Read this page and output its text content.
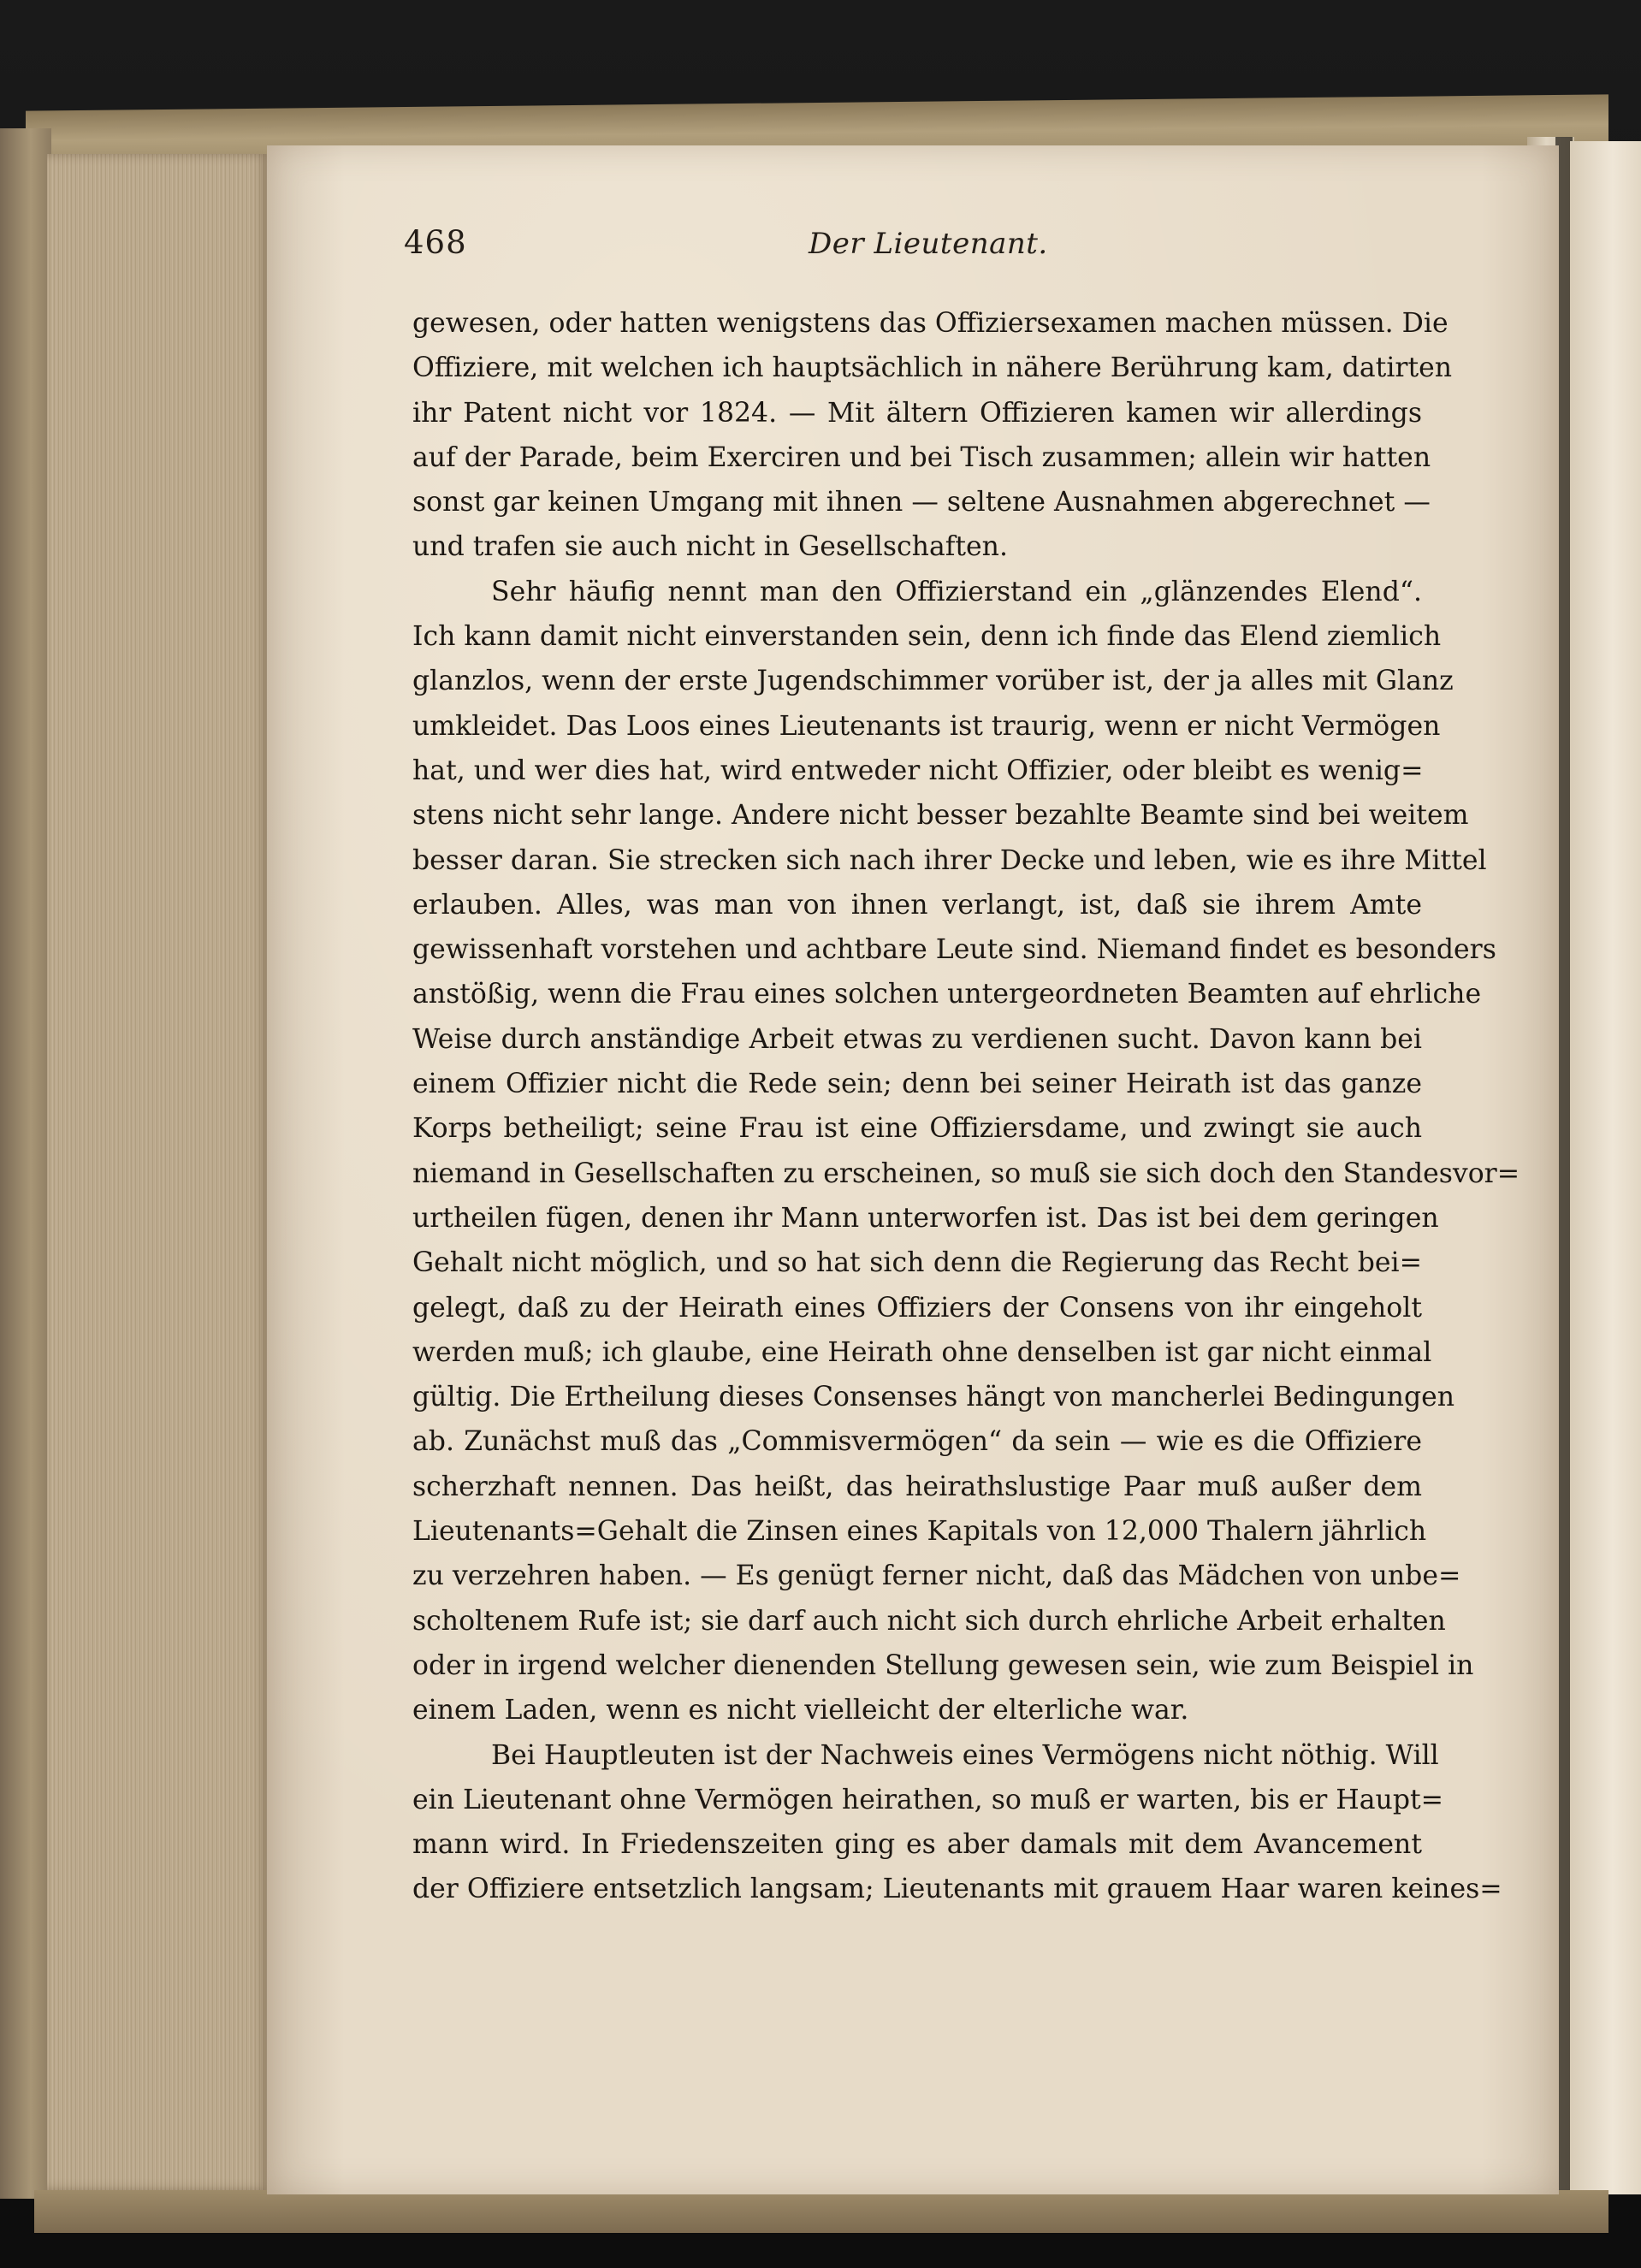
468	Der Lieutenant.
gewesen, oder hatten wenigstens das Offiziersexamen machen müssen. Die
Offiziere, mit welchen ich hauptsächlich in nähere Berührung kam, datirten
ihr Patent nicht vor 1824. — Mit ältern Offizieren kamen wir allerdings
auf der Parade, beim Exerciren und bei Tisch zusammen; allein wir hatten
sonst gar keinen Umgang mit ihnen — seltene Ausnahmen abgerechnet —
und trafen sie auch nicht in Gesellschaften.
Sehr häufig nennt man den Offizierstand ein „glänzendes Elend“.
Ich kann damit nicht einverstanden sein, denn ich finde das Elend ziemlich
glanzlos, wenn der erste Jugendschimmer vorüber ist, der ja alles mit Glanz
umkleidet. Das Loos eines Lieutenants ist traurig, wenn er nicht Vermögen
hat, und wer dies hat, wird entweder nicht Offizier, oder bleibt es wenig=
stens nicht sehr lange. Andere nicht besser bezahlte Beamte sind bei weitem
besser daran. Sie strecken sich nach ihrer Decke und leben, wie es ihre Mittel
erlauben. Alles, was man von ihnen verlangt, ist, daß sie ihrem Amte
gewissenhaft vorstehen und achtbare Leute sind. Niemand findet es besonders
anstößig, wenn die Frau eines solchen untergeordneten Beamten auf ehrliche
Weise durch anständige Arbeit etwas zu verdienen sucht. Davon kann bei
einem Offizier nicht die Rede sein; denn bei seiner Heirath ist das ganze
Korps betheiligt; seine Frau ist eine Offiziersdame, und zwingt sie auch
niemand in Gesellschaften zu erscheinen, so muß sie sich doch den Standesvor=
urtheilen fügen, denen ihr Mann unterworfen ist. Das ist bei dem geringen
Gehalt nicht möglich, und so hat sich denn die Regierung das Recht bei=
gelegt, daß zu der Heirath eines Offiziers der Consens von ihr eingeholt
werden muß; ich glaube, eine Heirath ohne denselben ist gar nicht einmal
gültig. Die Ertheilung dieses Consenses hängt von mancherlei Bedingungen
ab. Zunächst muß das „Commisvermögen“ da sein — wie es die Offiziere
scherzhaft nennen. Das heißt, das heirathslustige Paar muß außer dem
Lieutenants=Gehalt die Zinsen eines Kapitals von 12,000 Thalern jährlich
zu verzehren haben. — Es genügt ferner nicht, daß das Mädchen von unbe=
scholtenem Rufe ist; sie darf auch nicht sich durch ehrliche Arbeit erhalten
oder in irgend welcher dienenden Stellung gewesen sein, wie zum Beispiel in
einem Laden, wenn es nicht vielleicht der elterliche war.
Bei Hauptleuten ist der Nachweis eines Vermögens nicht nöthig. Will
ein Lieutenant ohne Vermögen heirathen, so muß er warten, bis er Haupt=
mann wird. In Friedenszeiten ging es aber damals mit dem Avancement
der Offiziere entsetzlich langsam; Lieutenants mit grauem Haar waren keines=
